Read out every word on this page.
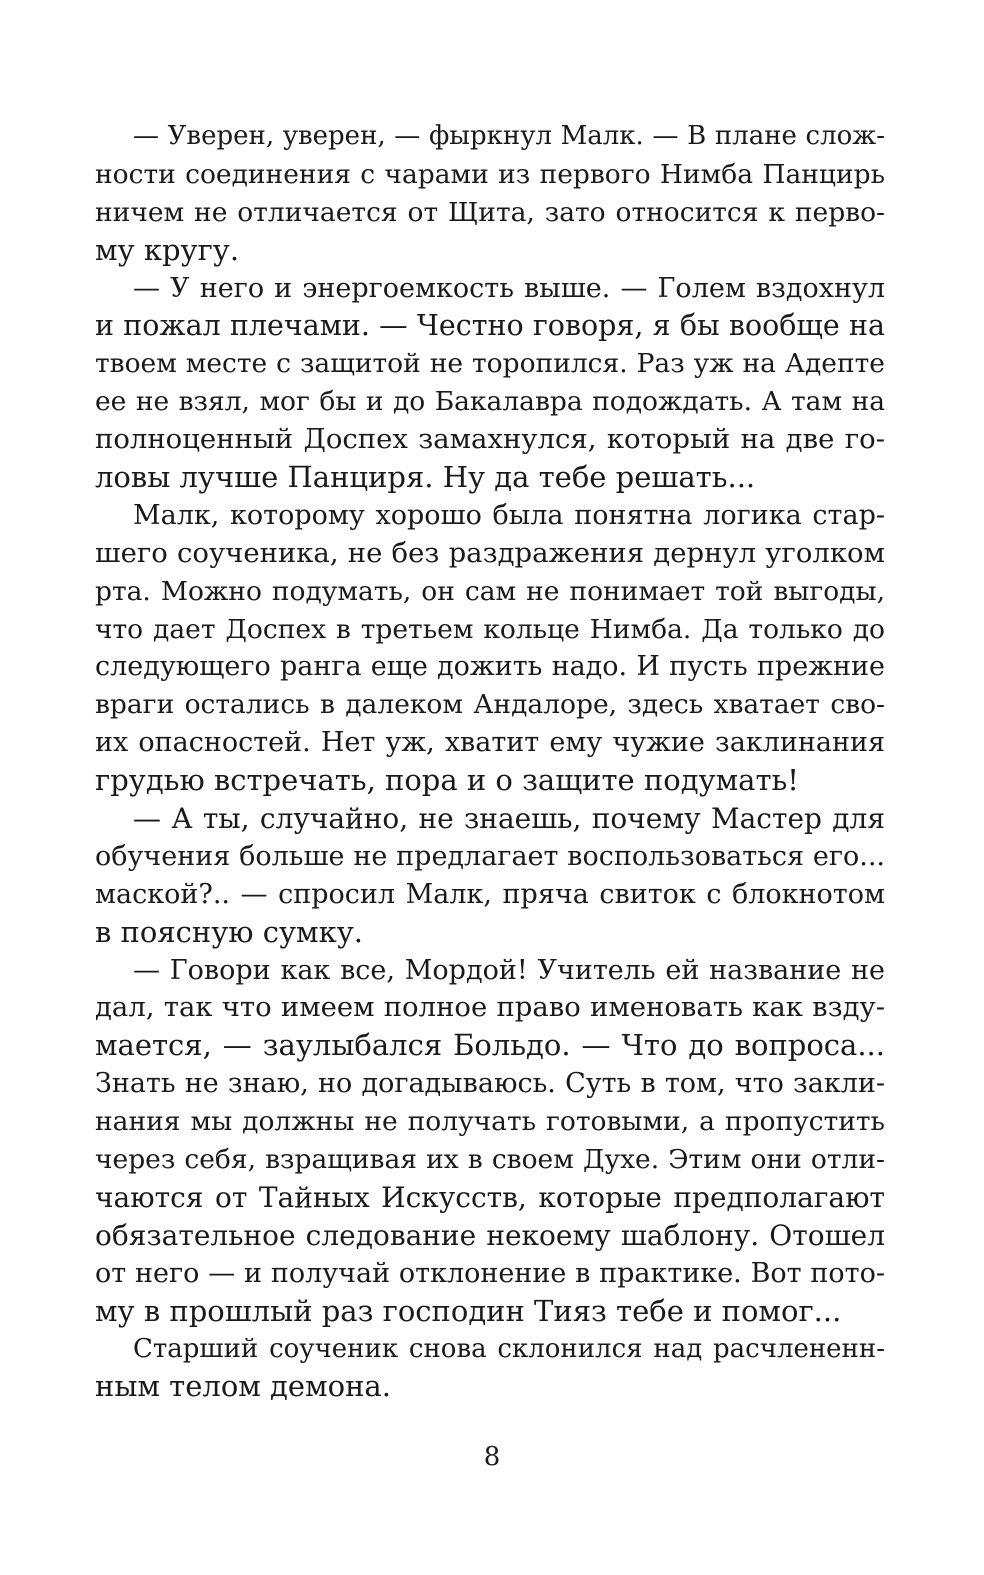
— Уверен, уверен, — фыркнул Малк. — В плане слож-
ности соединения с чарами из первого Нимба Панцирь
ничем не отличается от Щита, зато относится к перво-
му кругу.
— У него и энергоемкость выше. — Голем вздохнул
и пожал плечами. — Честно говоря, я бы вообще на
твоем месте с защитой не торопился. Раз уж на Адепте
ее не взял, мог бы и до Бакалавра подождать. А там на
полноценный Доспех замахнулся, который на две го-
ловы лучше Панциря. Ну да тебе решать...
Малк, которому хорошо была понятна логика стар-
шего соученика, не без раздражения дернул уголком
рта. Можно подумать, он сам не понимает той выгоды,
что дает Доспех в третьем кольце Нимба. Да только до
следующего ранга еще дожить надо. И пусть прежние
враги остались в далеком Андалоре, здесь хватает сво-
их опасностей. Нет уж, хватит ему чужие заклинания
грудью встречать, пора и о защите подумать!
— А ты, случайно, не знаешь, почему Мастер для
обучения больше не предлагает воспользоваться его...
маской?.. — спросил Малк, пряча свиток с блокнотом
в поясную сумку.
— Говори как все, Мордой! Учитель ей название не
дал, так что имеем полное право именовать как взду-
мается, — заулыбался Больдо. — Что до вопроса...
Знать не знаю, но догадываюсь. Суть в том, что закли-
нания мы должны не получать готовыми, а пропустить
через себя, взращивая их в своем Духе. Этим они отли-
чаются от Тайных Искусств, которые предполагают
обязательное следование некоему шаблону. Отошел
от него — и получай отклонение в практике. Вот пото-
му в прошлый раз господин Тияз тебе и помог...
Старший соученик снова склонился над расчлененн-
ным телом демона.
8
